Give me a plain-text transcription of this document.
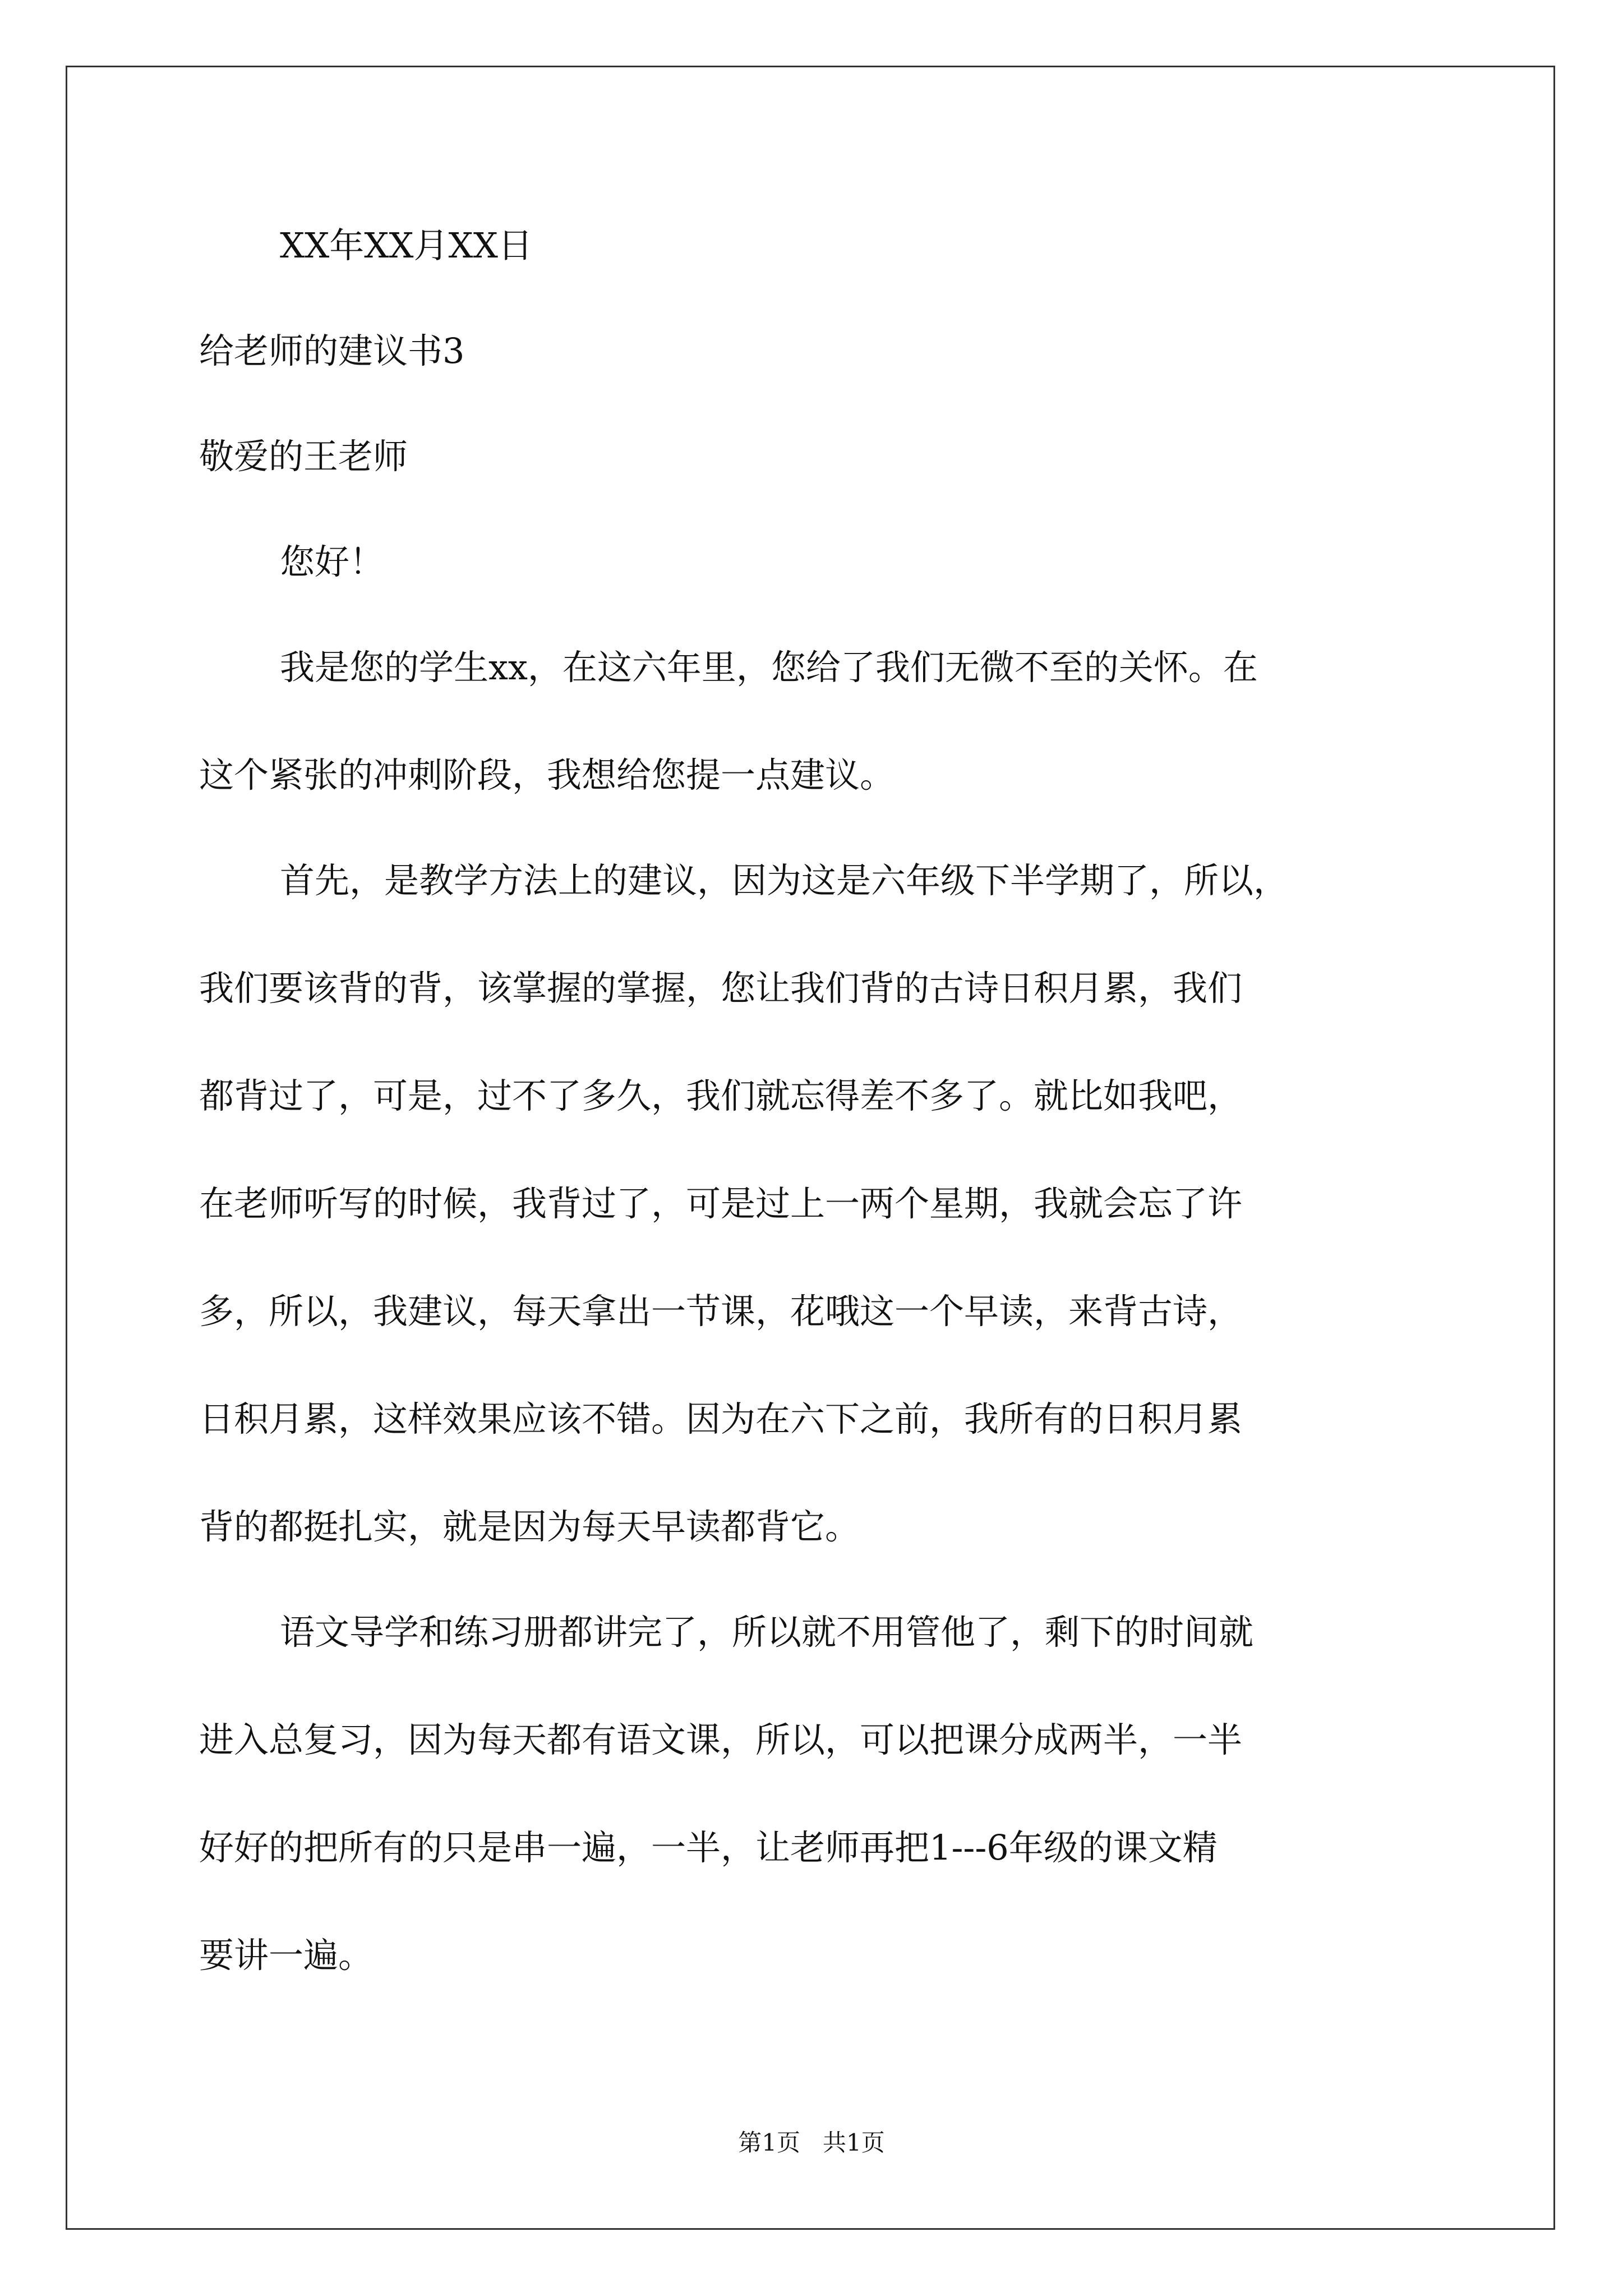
XX年XX月XX日
给老师的建议书3
敬爱的王老师
您好！
我是您的学生xx，在这六年里，您给了我们无微不至的关怀。在
这个紧张的冲刺阶段，我想给您提一点建议。
首先，是教学方法上的建议，因为这是六年级下半学期了，所以，
我们要该背的背，该掌握的掌握，您让我们背的古诗日积月累，我们
都背过了，可是，过不了多久，我们就忘得差不多了。就比如我吧，
在老师听写的时候，我背过了，可是过上一两个星期，我就会忘了许
多，所以，我建议，每天拿出一节课，花哦这一个早读，来背古诗，
日积月累，这样效果应该不错。因为在六下之前，我所有的日积月累
背的都挺扎实，就是因为每天早读都背它。
语文导学和练习册都讲完了，所以就不用管他了，剩下的时间就
进入总复习，因为每天都有语文课，所以，可以把课分成两半，一半
好好的把所有的只是串一遍，一半，让老师再把1---6年级的课文精
要讲一遍。
第1页   共1页
